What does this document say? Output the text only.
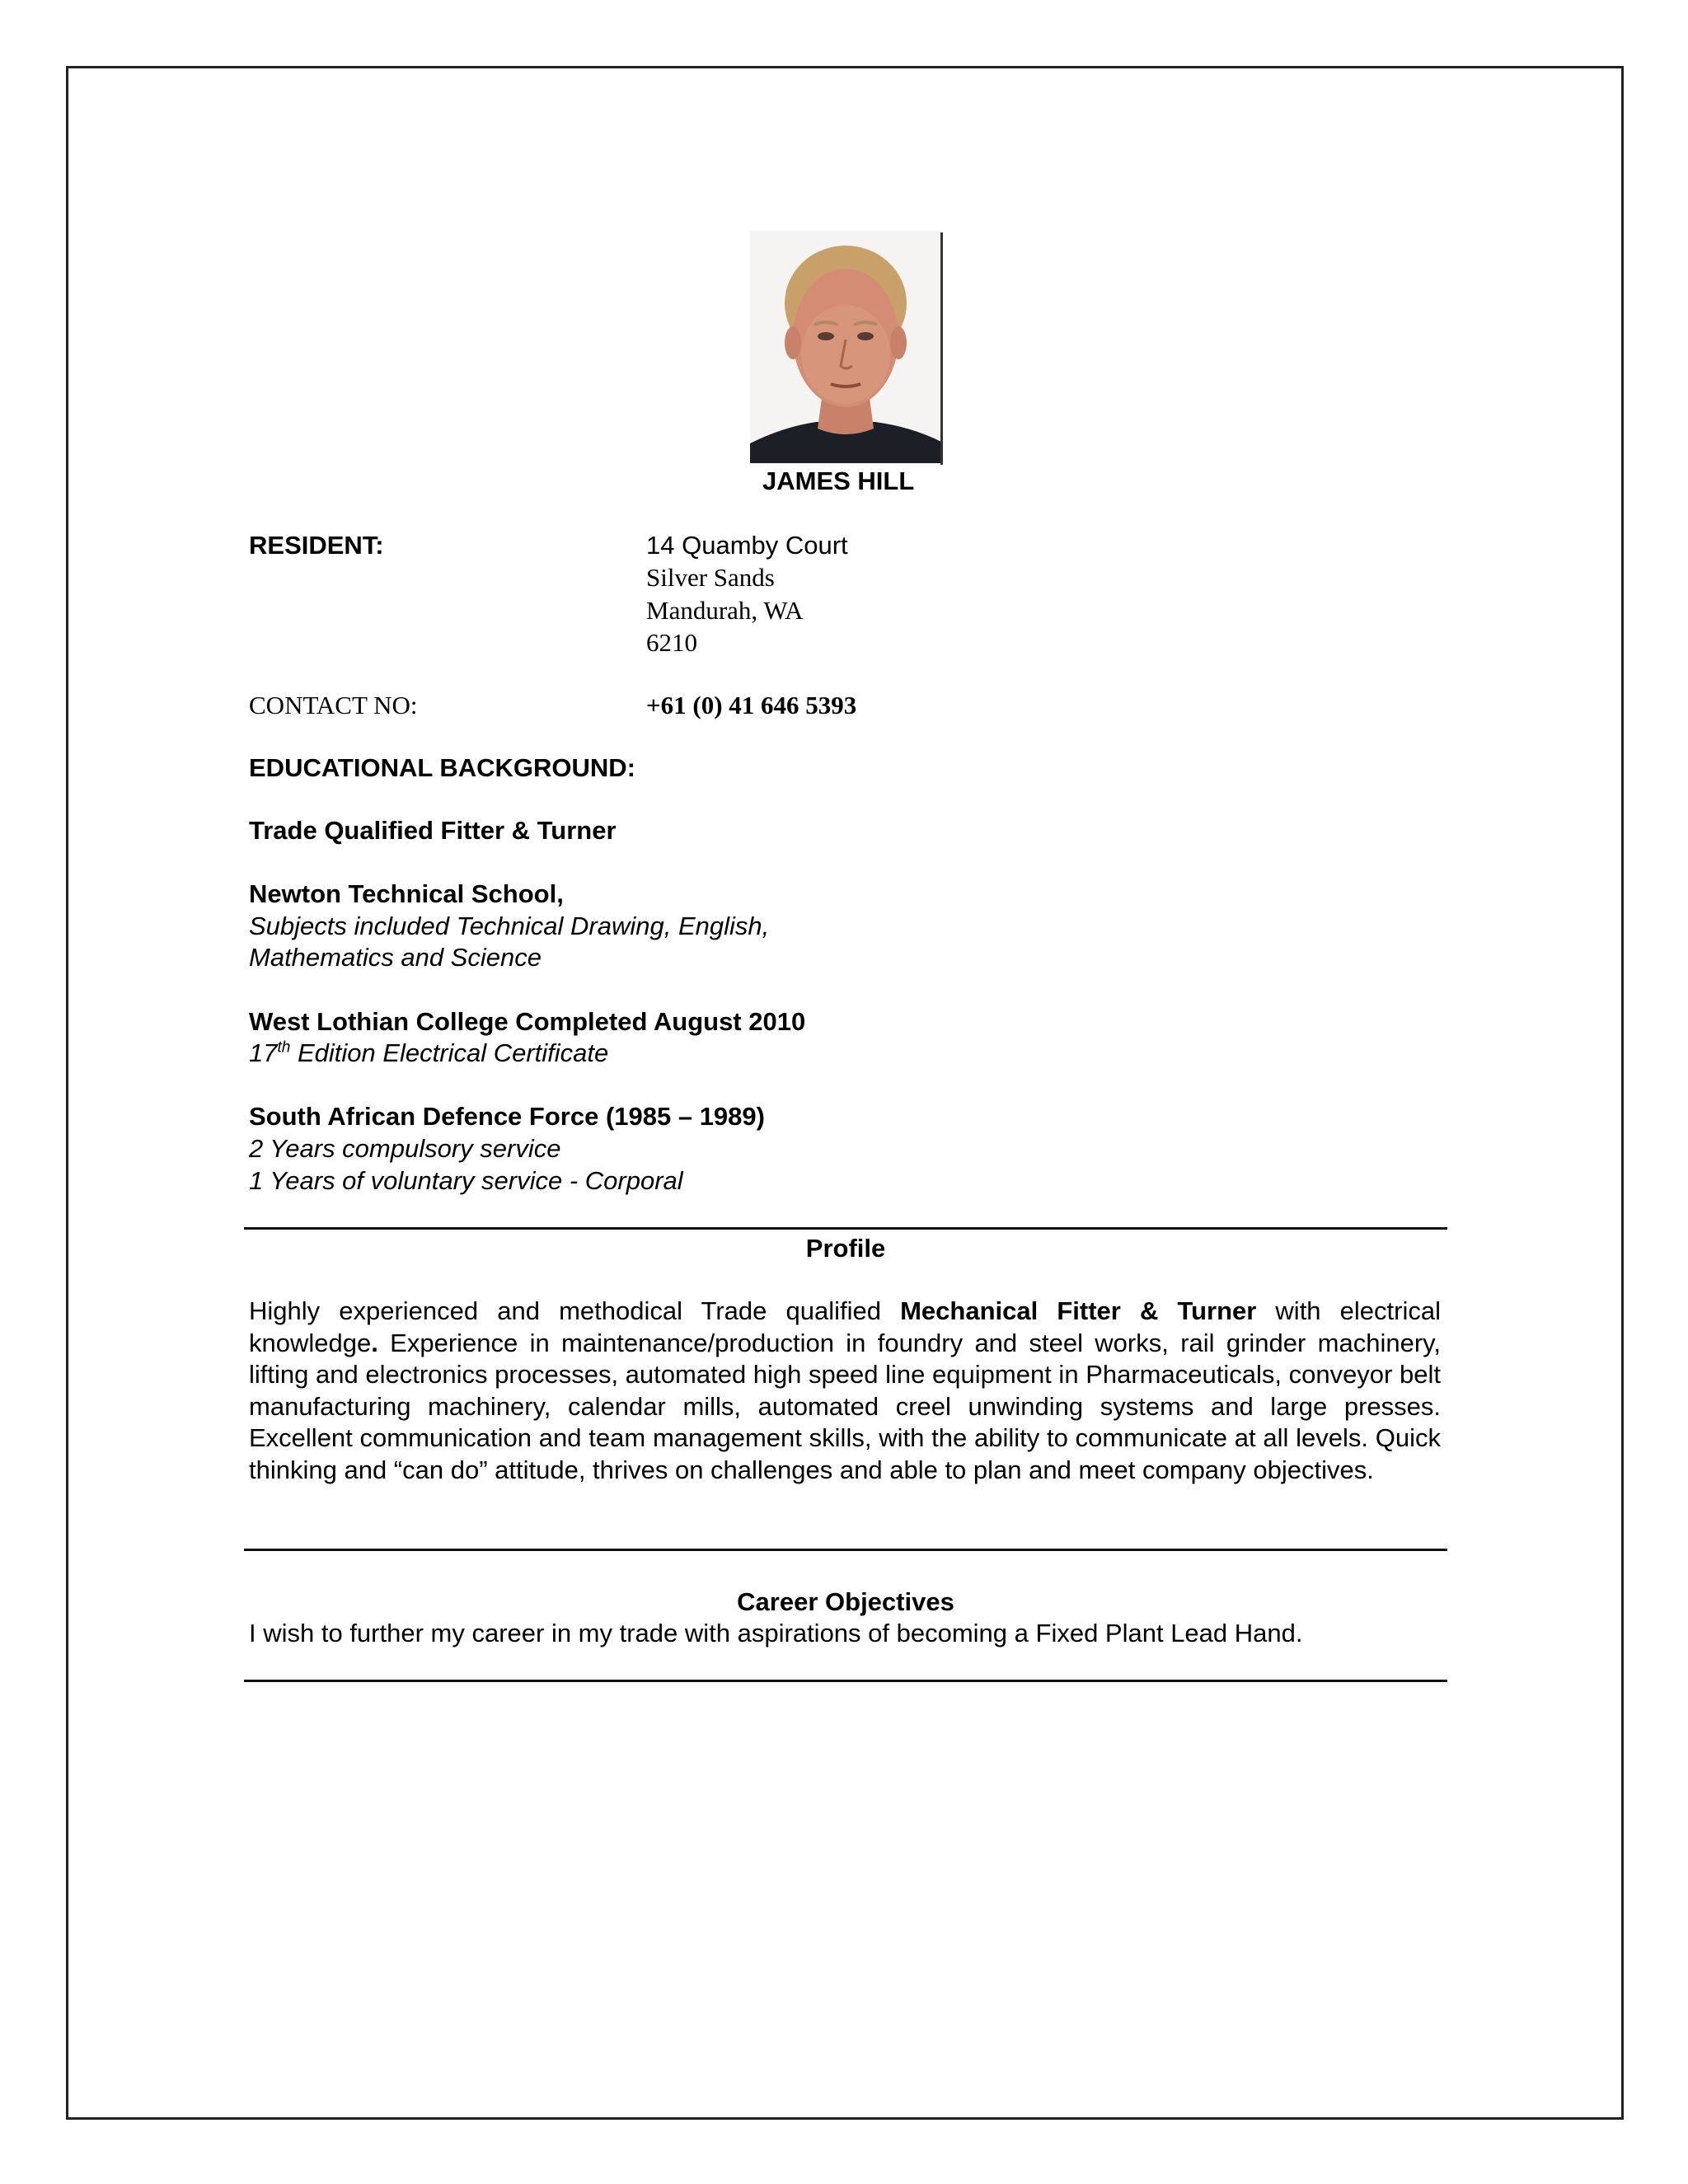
JAMES HILL
RESIDENT:	14 Quamby Court
Silver Sands
Mandurah, WA
6210
CONTACT NO:	+61 (0) 41 646 5393
EDUCATIONAL BACKGROUND:
Trade Qualified Fitter & Turner
Newton Technical School,
Subjects included Technical Drawing, English,
Mathematics and Science
West Lothian College Completed August 2010
17th Edition Electrical Certificate
South African Defence Force (1985 – 1989)
2 Years compulsory service
1 Years of voluntary service - Corporal
Profile
Highly experienced and methodical Trade qualified Mechanical Fitter & Turner with electrical knowledge. Experience in maintenance/production in foundry and steel works, rail grinder machinery, lifting and electronics processes, automated high speed line equipment in Pharmaceuticals, conveyor belt manufacturing machinery, calendar mills, automated creel unwinding systems and large presses. Excellent communication and team management skills, with the ability to communicate at all levels. Quick thinking and “can do” attitude, thrives on challenges and able to plan and meet company objectives.
Career Objectives
I wish to further my career in my trade with aspirations of becoming a Fixed Plant Lead Hand.
